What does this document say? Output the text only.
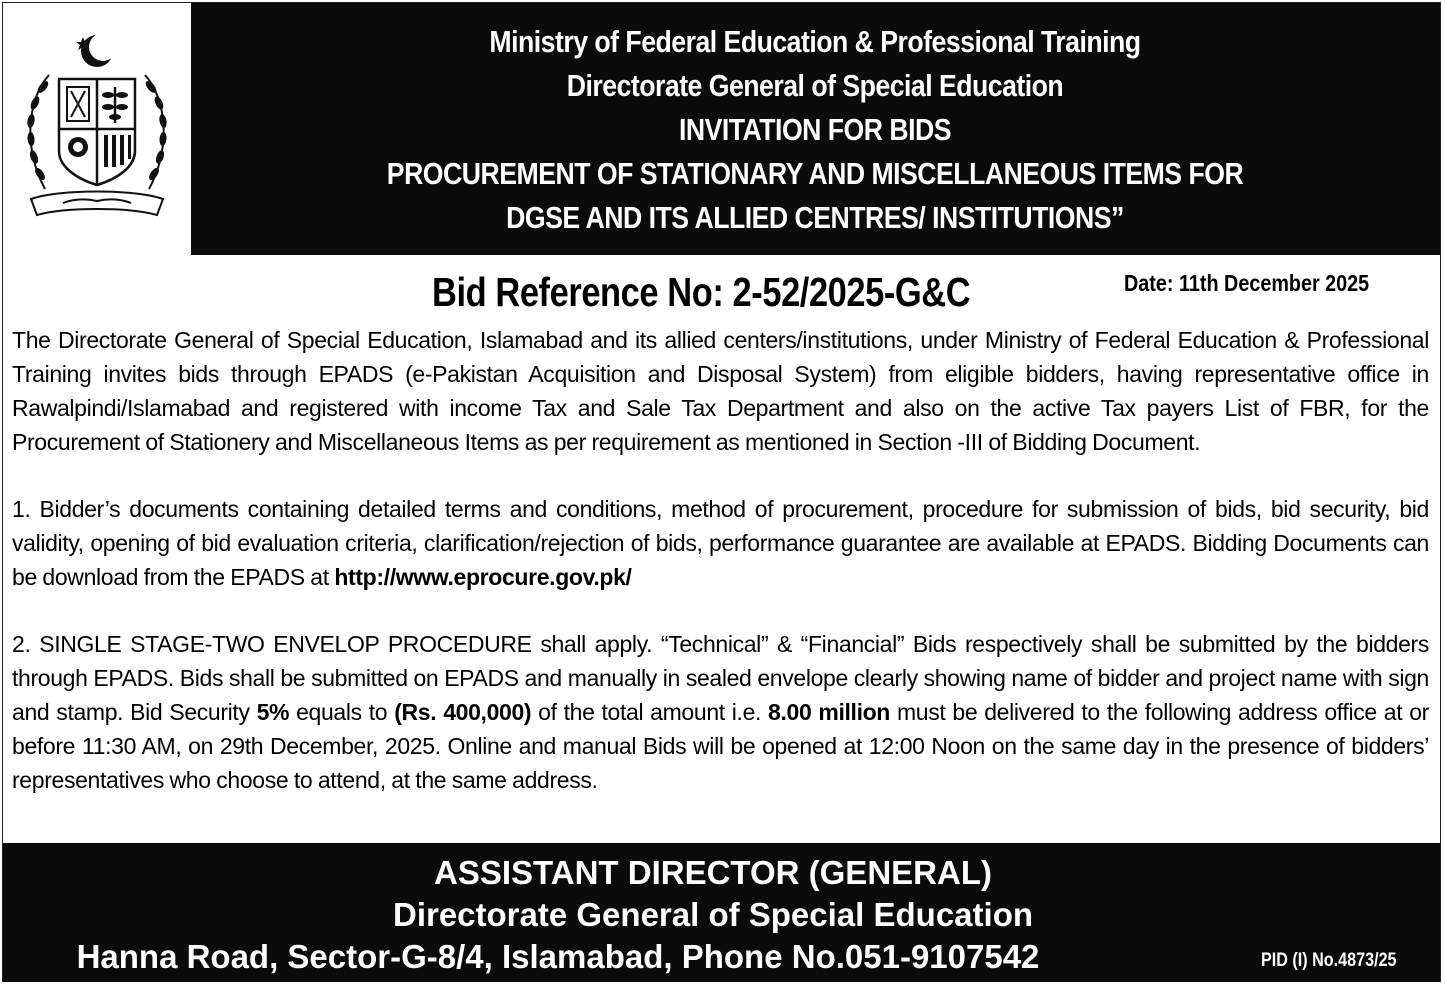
Ministry of Federal Education & Professional Training
Directorate General of Special Education
INVITATION FOR BIDS
PROCUREMENT OF STATIONARY AND MISCELLANEOUS ITEMS FOR
DGSE AND ITS ALLIED CENTRES/ INSTITUTIONS”
Bid Reference No: 2-52/2025-G&C	Date: 11th December 2025

The Directorate General of Special Education, Islamabad and its allied centers/institutions, under Ministry of Federal Education & Professional Training invites bids through EPADS (e-Pakistan Acquisition and Disposal System) from eligible bidders, having representative office in Rawalpindi/Islamabad and registered with income Tax and Sale Tax Department and also on the active Tax payers List of FBR, for the Procurement of Stationery and Miscellaneous Items as per requirement as mentioned in Section -III of Bidding Document.

1. Bidder’s documents containing detailed terms and conditions, method of procurement, procedure for submission of bids, bid security, bid validity, opening of bid evaluation criteria, clarification/rejection of bids, performance guarantee are available at EPADS. Bidding Documents can be download from the EPADS at http://www.eprocure.gov.pk/

2. SINGLE STAGE-TWO ENVELOP PROCEDURE shall apply. “Technical” & “Financial” Bids respectively shall be submitted by the bidders through EPADS. Bids shall be submitted on EPADS and manually in sealed envelope clearly showing name of bidder and project name with sign and stamp. Bid Security 5% equals to (Rs. 400,000) of the total amount i.e. 8.00 million must be delivered to the following address office at or before 11:30 AM, on 29th December, 2025. Online and manual Bids will be opened at 12:00 Noon on the same day in the presence of bidders’ representatives who choose to attend, at the same address.

ASSISTANT DIRECTOR (GENERAL)
Directorate General of Special Education
Hanna Road, Sector-G-8/4, Islamabad, Phone No.051-9107542	PID (I) No.4873/25
